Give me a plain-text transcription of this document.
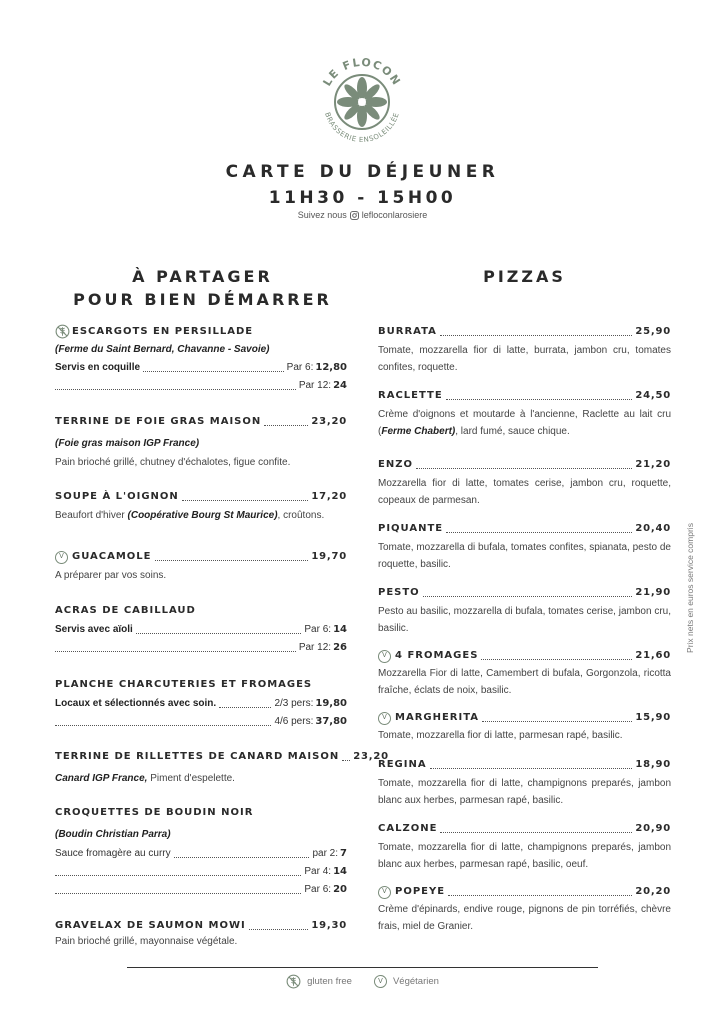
LE FLOCON
BRASSERIE ENSOLEILLÉE
CARTE DU DÉJEUNER
11H30 - 15H00
Suivez nous lefloconlarosiere
À PARTAGER
POUR BIEN DÉMARRER
PIZZAS
ESCARGOTS EN PERSILLADE
(Ferme du Saint Bernard, Chavanne - Savoie)
Servis en coquille	Par 6: 12,80
Par 12: 24
TERRINE DE FOIE GRAS MAISON	23,20
(Foie gras maison IGP France)
Pain brioché grillé, chutney d'échalotes, figue confite.
SOUPE À L'OIGNON	17,20
Beaufort d'hiver (Coopérative Bourg St Maurice), croûtons.
V GUACAMOLE	19,70
A préparer par vos soins.
ACRAS DE CABILLAUD
Servis avec aïoli	Par 6: 14
Par 12: 26
PLANCHE CHARCUTERIES ET FROMAGES
Locaux et sélectionnés avec soin.	2/3 pers: 19,80
4/6 pers: 37,80
TERRINE DE RILLETTES DE CANARD MAISON 23,20
Canard IGP France, Piment d'espelette.
CROQUETTES DE BOUDIN NOIR
(Boudin Christian Parra)
Sauce fromagère au curry	par 2: 7
Par 4: 14
Par 6: 20
GRAVELAX DE SAUMON MOWI	19,30
Pain brioché grillé, mayonnaise végétale.
BURRATA	25,90
Tomate, mozzarella fior di latte, burrata, jambon cru, tomates confites, roquette.
RACLETTE	24,50
Crème d'oignons et moutarde à l'ancienne, Raclette au lait cru (Ferme Chabert), lard fumé, sauce chique.
ENZO	21,20
Mozzarella fior di latte, tomates cerise, jambon cru, roquette, copeaux de parmesan.
PIQUANTE	20,40
Tomate, mozzarella di bufala, tomates confites, spianata, pesto de roquette, basilic.
PESTO	21,90
Pesto au basilic, mozzarella di bufala, tomates cerise, jambon cru, basilic.
V 4 FROMAGES	21,60
Mozzarella Fior di latte, Camembert di bufala, Gorgonzola, ricotta fraîche, éclats de noix, basilic.
V MARGHERITA	15,90
Tomate, mozzarella fior di latte, parmesan rapé, basilic.
REGINA	18,90
Tomate, mozzarella fior di latte, champignons preparés, jambon blanc aux herbes, parmesan rapé, basilic.
CALZONE	20,90
Tomate, mozzarella fior di latte, champignons preparés, jambon blanc aux herbes, parmesan rapé, basilic, oeuf.
V POPEYE	20,20
Crème d'épinards, endive rouge, pignons de pin torréfiés, chèvre frais, miel de Granier.
Prix nets en euros service compris
gluten free	V	Végétarien
